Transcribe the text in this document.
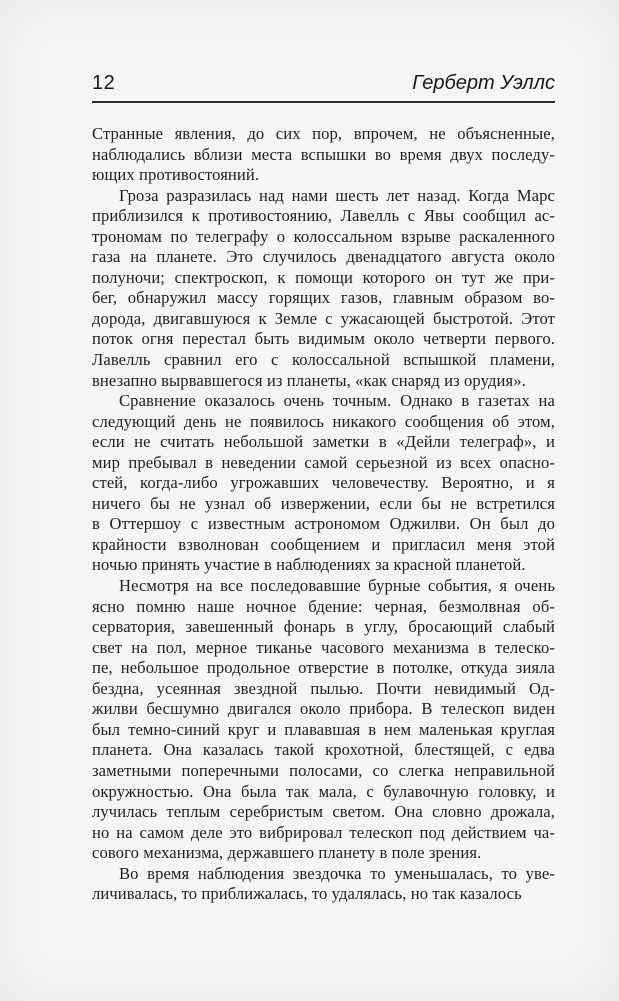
12	Герберт Уэллс

Странные явления, до сих пор, впрочем, не объясненные,
наблюдались вблизи места вспышки во время двух последу-
ющих противостояний.

Гроза разразилась над нами шесть лет назад. Когда Марс
приблизился к противостоянию, Лавелль с Явы сообщил ас-
трономам по телеграфу о колоссальном взрыве раскаленного
газа на планете. Это случилось двенадцатого августа около
полуночи; спектроскоп, к помощи которого он тут же при-
бег, обнаружил массу горящих газов, главным образом во-
дорода, двигавшуюся к Земле с ужасающей быстротой. Этот
поток огня перестал быть видимым около четверти первого.
Лавелль сравнил его с колоссальной вспышкой пламени,
внезапно вырвавшегося из планеты, «как снаряд из орудия».

Сравнение оказалось очень точным. Однако в газетах на
следующий день не появилось никакого сообщения об этом,
если не считать небольшой заметки в «Дейли телеграф», и
мир пребывал в неведении самой серьезной из всех опасно-
стей, когда-либо угрожавших человечеству. Вероятно, и я
ничего бы не узнал об извержении, если бы не встретился
в Оттершоу с известным астрономом Оджилви. Он был до
крайности взволнован сообщением и пригласил меня этой
ночью принять участие в наблюдениях за красной планетой.

Несмотря на все последовавшие бурные события, я очень
ясно помню наше ночное бдение: черная, безмолвная об-
серватория, завешенный фонарь в углу, бросающий слабый
свет на пол, мерное тиканье часового механизма в телеско-
пе, небольшое продольное отверстие в потолке, откуда зияла
бездна, усеянная звездной пылью. Почти невидимый Од-
жилви бесшумно двигался около прибора. В телескоп виден
был темно-синий круг и плававшая в нем маленькая круглая
планета. Она казалась такой крохотной, блестящей, с едва
заметными поперечными полосами, со слегка неправильной
окружностью. Она была так мала, с булавочную головку, и
лучилась теплым серебристым светом. Она словно дрожала,
но на самом деле это вибрировал телескоп под действием ча-
сового механизма, державшего планету в поле зрения.

Во время наблюдения звездочка то уменьшалась, то уве-
личивалась, то приближалась, то удалялась, но так казалось
